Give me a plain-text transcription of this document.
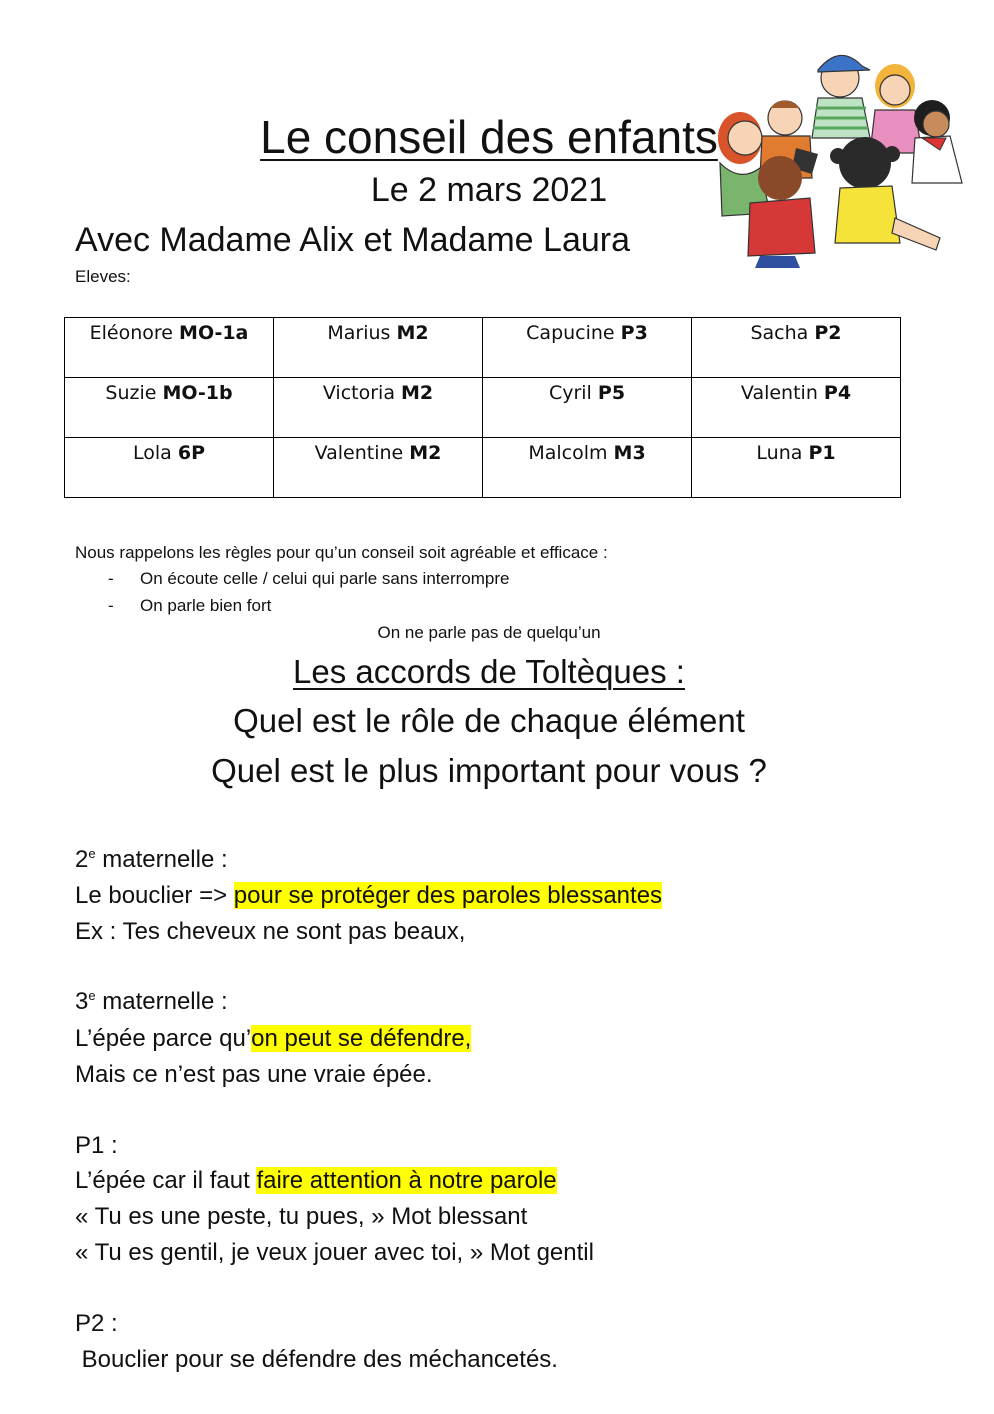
Le conseil des enfants
Le 2 mars 2021
Avec Madame Alix et Madame Laura
Eleves:
Eléonore MO-1a	Marius M2	Capucine P3	Sacha P2
Suzie MO-1b	Victoria M2	Cyril P5	Valentin P4
Lola 6P	Valentine M2	Malcolm M3	Luna P1
Nous rappelons les règles pour qu’un conseil soit agréable et efficace :
- On écoute celle / celui qui parle sans interrompre
- On parle bien fort
On ne parle pas de quelqu’un
Les accords de Toltèques :
Quel est le rôle de chaque élément
Quel est le plus important pour vous ?
2e maternelle :
Le bouclier => pour se protéger des paroles blessantes
Ex : Tes cheveux ne sont pas beaux,
3e maternelle :
L’épée parce qu’on peut se défendre,
Mais ce n’est pas une vraie épée.
P1 :
L’épée car il faut faire attention à notre parole
« Tu es une peste, tu pues, » Mot blessant
« Tu es gentil, je veux jouer avec toi, » Mot gentil
P2 :
Bouclier pour se défendre des méchancetés.
